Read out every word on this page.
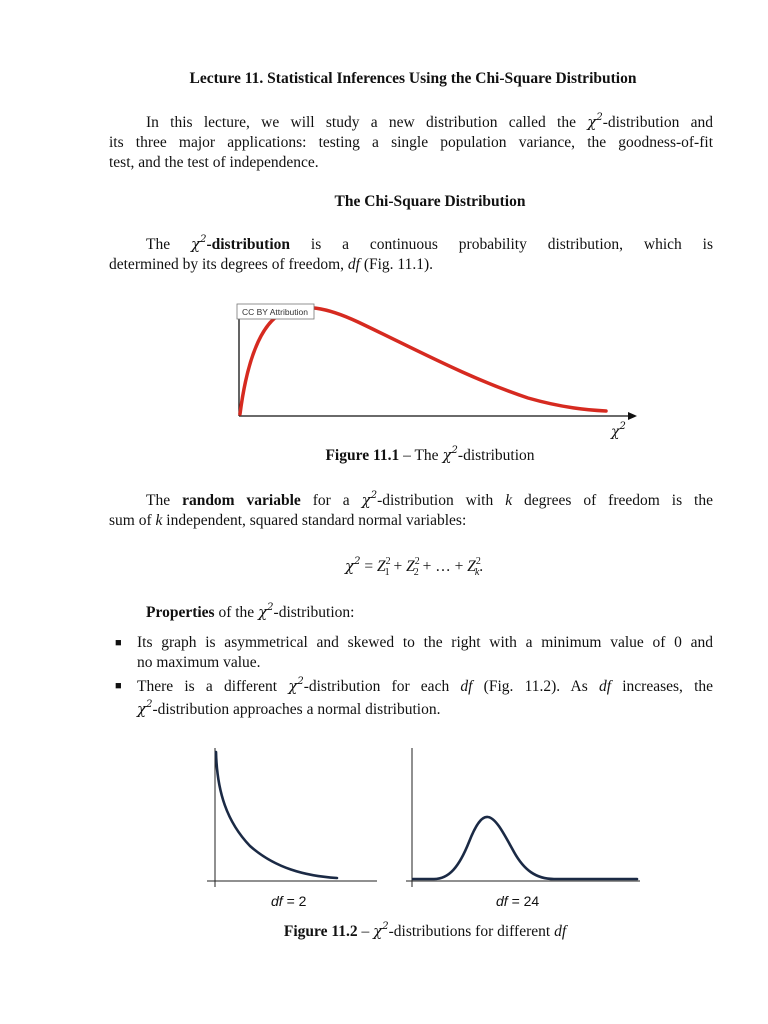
Lecture 11. Statistical Inferences Using the Chi-Square Distribution
In this lecture, we will study a new distribution called the $\chi^2$-distribution and
its three major applications: testing a single population variance, the goodness-of-fit
test, and the test of independence.
The Chi-Square Distribution
The $\chi^2$-distribution is a continuous probability distribution, which is
determined by its degrees of freedom, df (Fig. 11.1).
CC BY Attribution
$\chi^2$
Figure 11.1 – The $\chi^2$-distribution
The random variable for a $\chi^2$-distribution with k degrees of freedom is the
sum of k independent, squared standard normal variables:
$\chi^2 = Z^2_1 + Z^2_2$ + … + $Z^2_k$.
Properties of the $\chi^2$-distribution:
■ Its graph is asymmetrical and skewed to the right with a minimum value of 0 and
no maximum value.
■ There is a different $\chi^2$-distribution for each df (Fig. 11.2). As df increases, the
$\chi^2$-distribution approaches a normal distribution.
df = 2	df = 24
Figure $11.2 - \chi^2$-distributions for different df
